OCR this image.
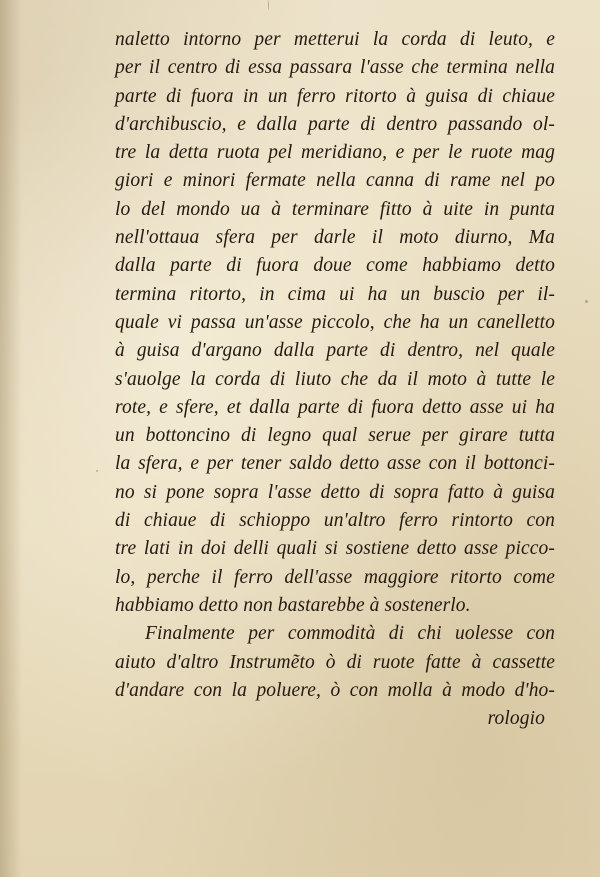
naletto intorno per metterui la corda di leuto, e
per il centro di essa passara l'asse che termina nella
parte di fuora in un ferro ritorto à guisa di chiaue
d'archibuscio, e dalla parte di dentro passando ol-
tre la detta ruota pel meridiano, e per le ruote mag
giori e minori fermate nella canna di rame nel po
lo del mondo ua à terminare fitto à uite in punta
nell'ottaua sfera per darle il moto diurno, Ma
dalla parte di fuora doue come habbiamo detto
termina ritorto, in cima ui ha un buscio per il-
quale vi passa un'asse piccolo, che ha un canelletto
à guisa d'argano dalla parte di dentro, nel quale
s'auolge la corda di liuto che da il moto à tutte le
rote, e sfere, et dalla parte di fuora detto asse ui ha
un bottoncino di legno qual serue per girare tutta
la sfera, e per tener saldo detto asse con il bottonci-
no si pone sopra l'asse detto di sopra fatto à guisa
di chiaue di schioppo un'altro ferro rintorto con
tre lati in doi delli quali si sostiene detto asse picco-
lo, perche il ferro dell'asse maggiore ritorto come
habbiamo detto non bastarebbe à sostenerlo.
Finalmente per commodità di chi uolesse con
aiuto d'altro Instrumẽto ò di ruote fatte à cassette
d'andare con la poluere, ò con molla à modo d'ho-
rologio
